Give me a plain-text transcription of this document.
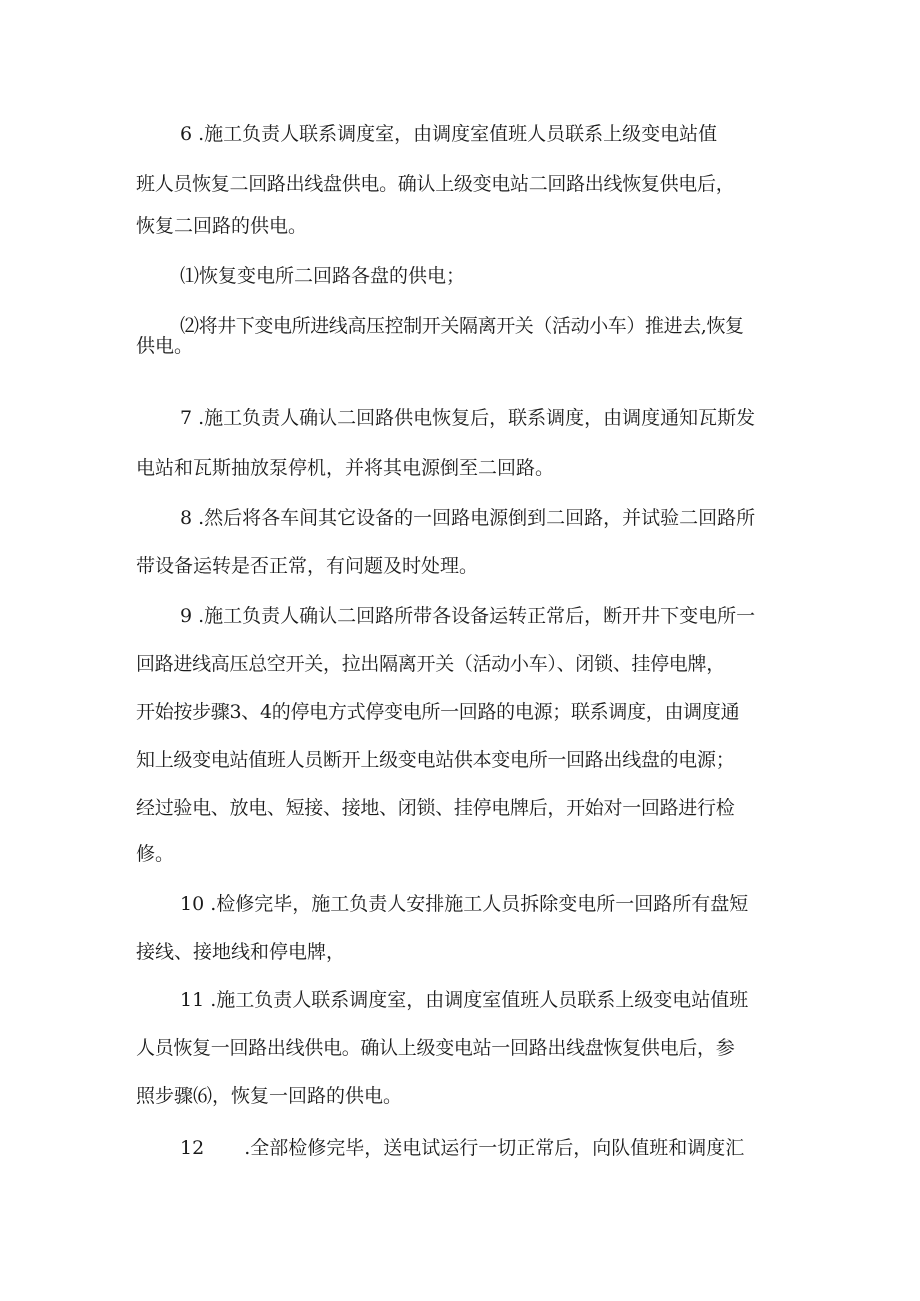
6 .施工负责人联系调度室，由调度室值班人员联系上级变电站值
班人员恢复二回路出线盘供电。确认上级变电站二回路出线恢复供电后，
恢复二回路的供电。
⑴恢复变电所二回路各盘的供电；
⑵将井下变电所进线高压控制开关隔离开关（活动小车）推进去,恢复
供电。
7 .施工负责人确认二回路供电恢复后，联系调度，由调度通知瓦斯发
电站和瓦斯抽放泵停机，并将其电源倒至二回路。
8 .然后将各车间其它设备的一回路电源倒到二回路，并试验二回路所
带设备运转是否正常，有问题及时处理。
9 .施工负责人确认二回路所带各设备运转正常后，断开井下变电所一
回路进线高压总空开关，拉出隔离开关（活动小车）、闭锁、挂停电牌，
开始按步骤3、4的停电方式停变电所一回路的电源；联系调度，由调度通
知上级变电站值班人员断开上级变电站供本变电所一回路出线盘的电源；
经过验电、放电、短接、接地、闭锁、挂停电牌后，开始对一回路进行检
修。
10 .检修完毕，施工负责人安排施工人员拆除变电所一回路所有盘短
接线、接地线和停电牌，
11 .施工负责人联系调度室，由调度室值班人员联系上级变电站值班
人员恢复一回路出线供电。确认上级变电站一回路出线盘恢复供电后，参
照步骤⑹，恢复一回路的供电。
12 .全部检修完毕，送电试运行一切正常后，向队值班和调度汇
